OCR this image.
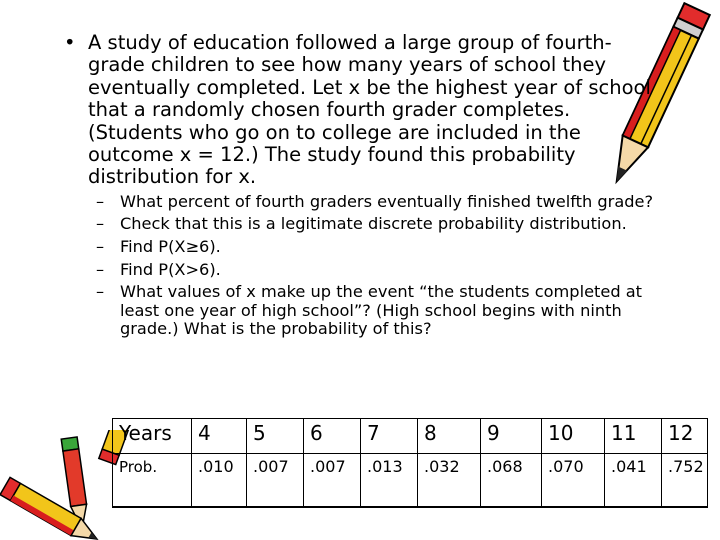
• A study of education followed a large group of fourth-grade children to see how many years of school they eventually completed. Let x be the highest year of school that a randomly chosen fourth grader completes. (Students who go on to college are included in the outcome x = 12.) The study found this probability distribution for x.
– What percent of fourth graders eventually finished twelfth grade?
– Check that this is a legitimate discrete probability distribution.
– Find P(X≥6).
– Find P(X>6).
– What values of x make up the event “the students completed at least one year of high school”? (High school begins with ninth grade.) What is the probability of this?
Years	4	5	6	7	8	9	10	11	12
Prob.	.010	.007	.007	.013	.032	.068	.070	.041	.752
